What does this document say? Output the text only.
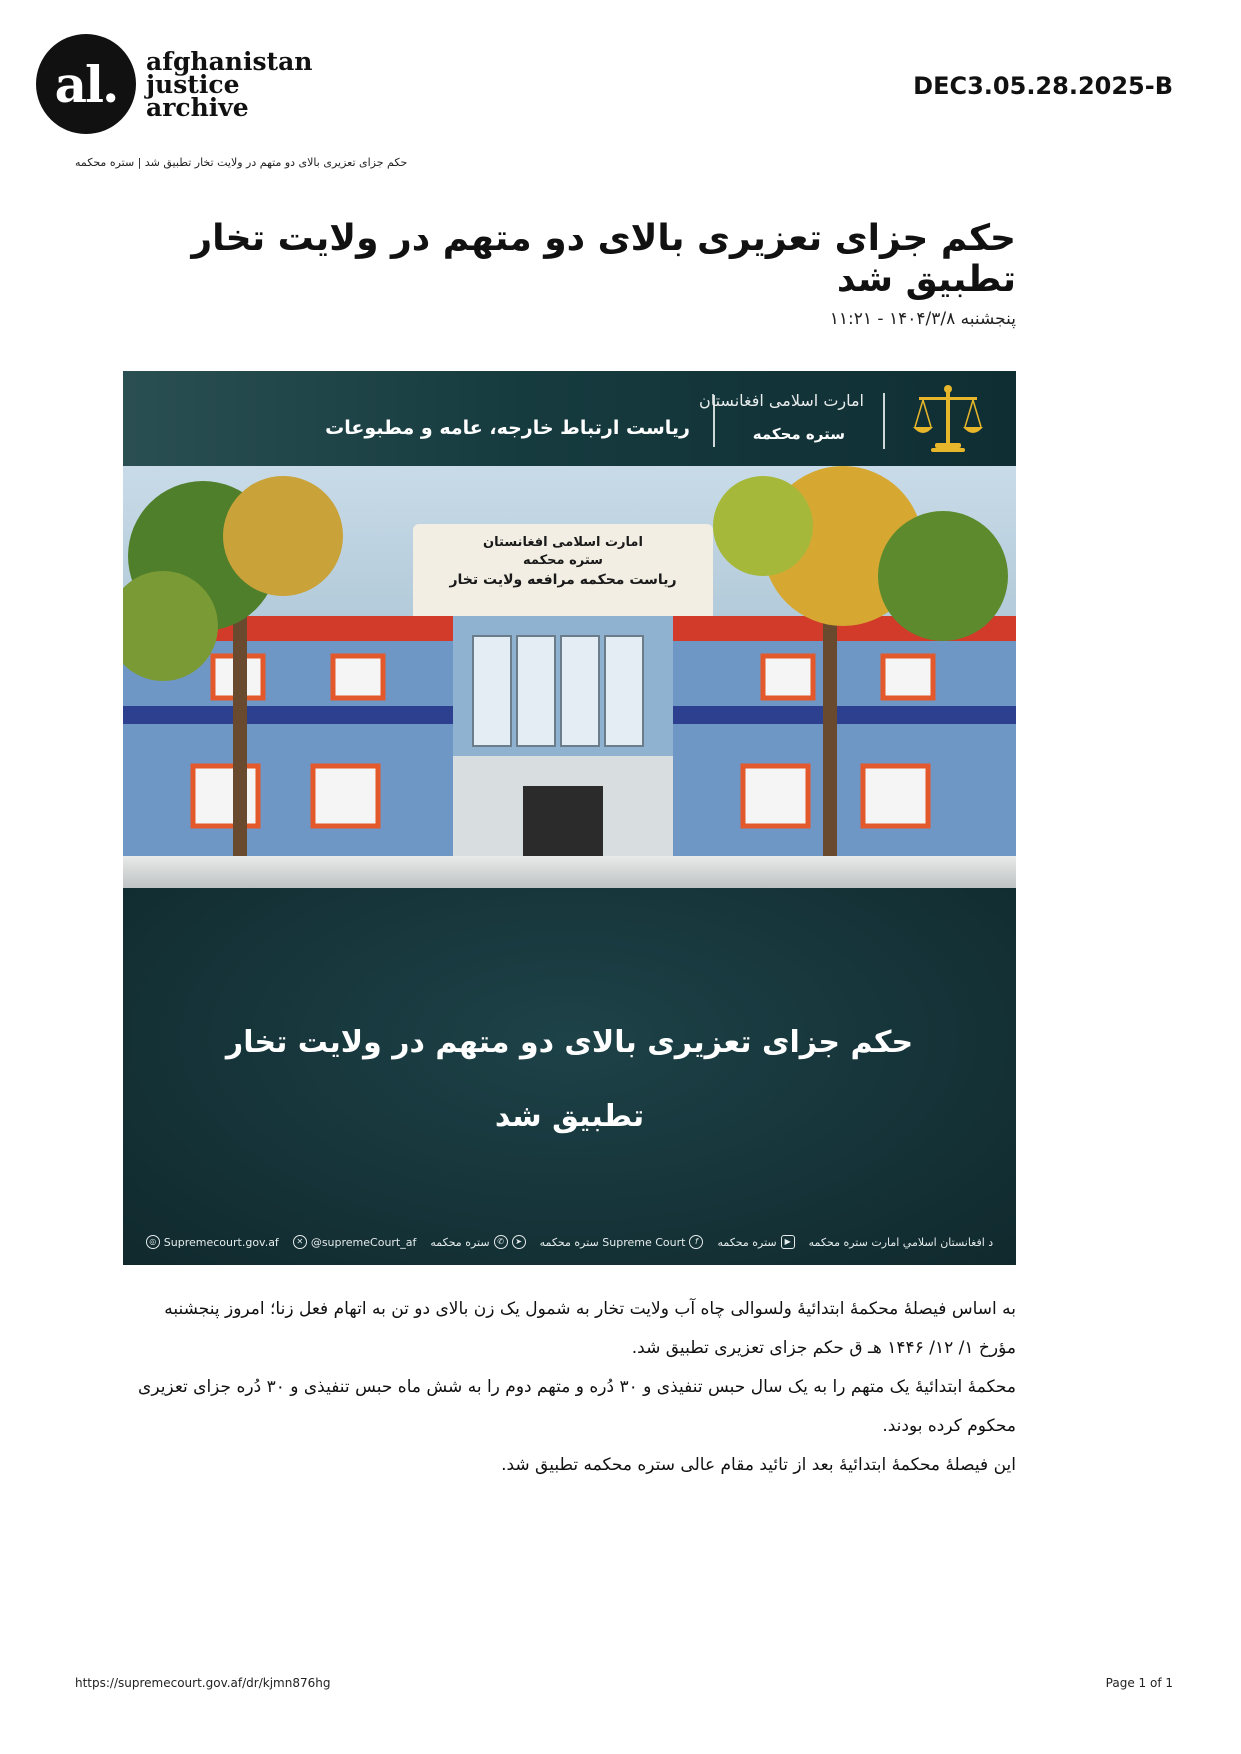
al.	afghanistan
justice
archive
DEC3.05.28.2025-B
حکم جزای تعزیری بالای دو متهم در ولایت تخار تطبیق شد | ستره محکمه
حکم جزای تعزیری بالای دو متهم در ولایت تخار تطبیق شد
پنجشنبه ۱۴۰۴/۳/۸ - ۱۱:۲۱
ریاست ارتباط خارجه، عامه و مطبوعات
امارت اسلامی افغانستان
ستره محکمه
امارت اسلامی افغانستان
ستره محکمه
ریاست محکمه مرافعه ولایت تخار
حکم جزای تعزیری بالای دو متهم در ولایت تخار
تطبیق شد
◎ Supremecourt.gov.af	✕ @supremeCourt_af	➤
✆
ستره محکمه	f
Supreme Court ستره محکمه	▶
ستره محکمه	د افغانستان اسلامي امارت ستره محکمه

به اساس فیصلۀ محکمۀ ابتدائیۀ ولسوالی چاه آب ولایت تخار به شمول یک زن بالای دو تن به اتهام فعل زنا؛ امروز پنجشنبه مؤرخ ۱/ ۱۲/ ۱۴۴۶ هـ ق حکم جزای تعزیری تطبیق شد.

محکمۀ ابتدائیۀ یک متهم را به یک سال حبس تنفیذی و ۳۰ دُره و متهم دوم را به شش ماه حبس تنفیذی و ۳۰ دُره جزای تعزیری محکوم کرده بودند.

این فیصلۀ محکمۀ ابتدائیۀ بعد از تائید مقام عالی ستره محکمه تطبیق شد.

https://supremecourt.gov.af/dr/kjmn876hg	Page 1 of 1
